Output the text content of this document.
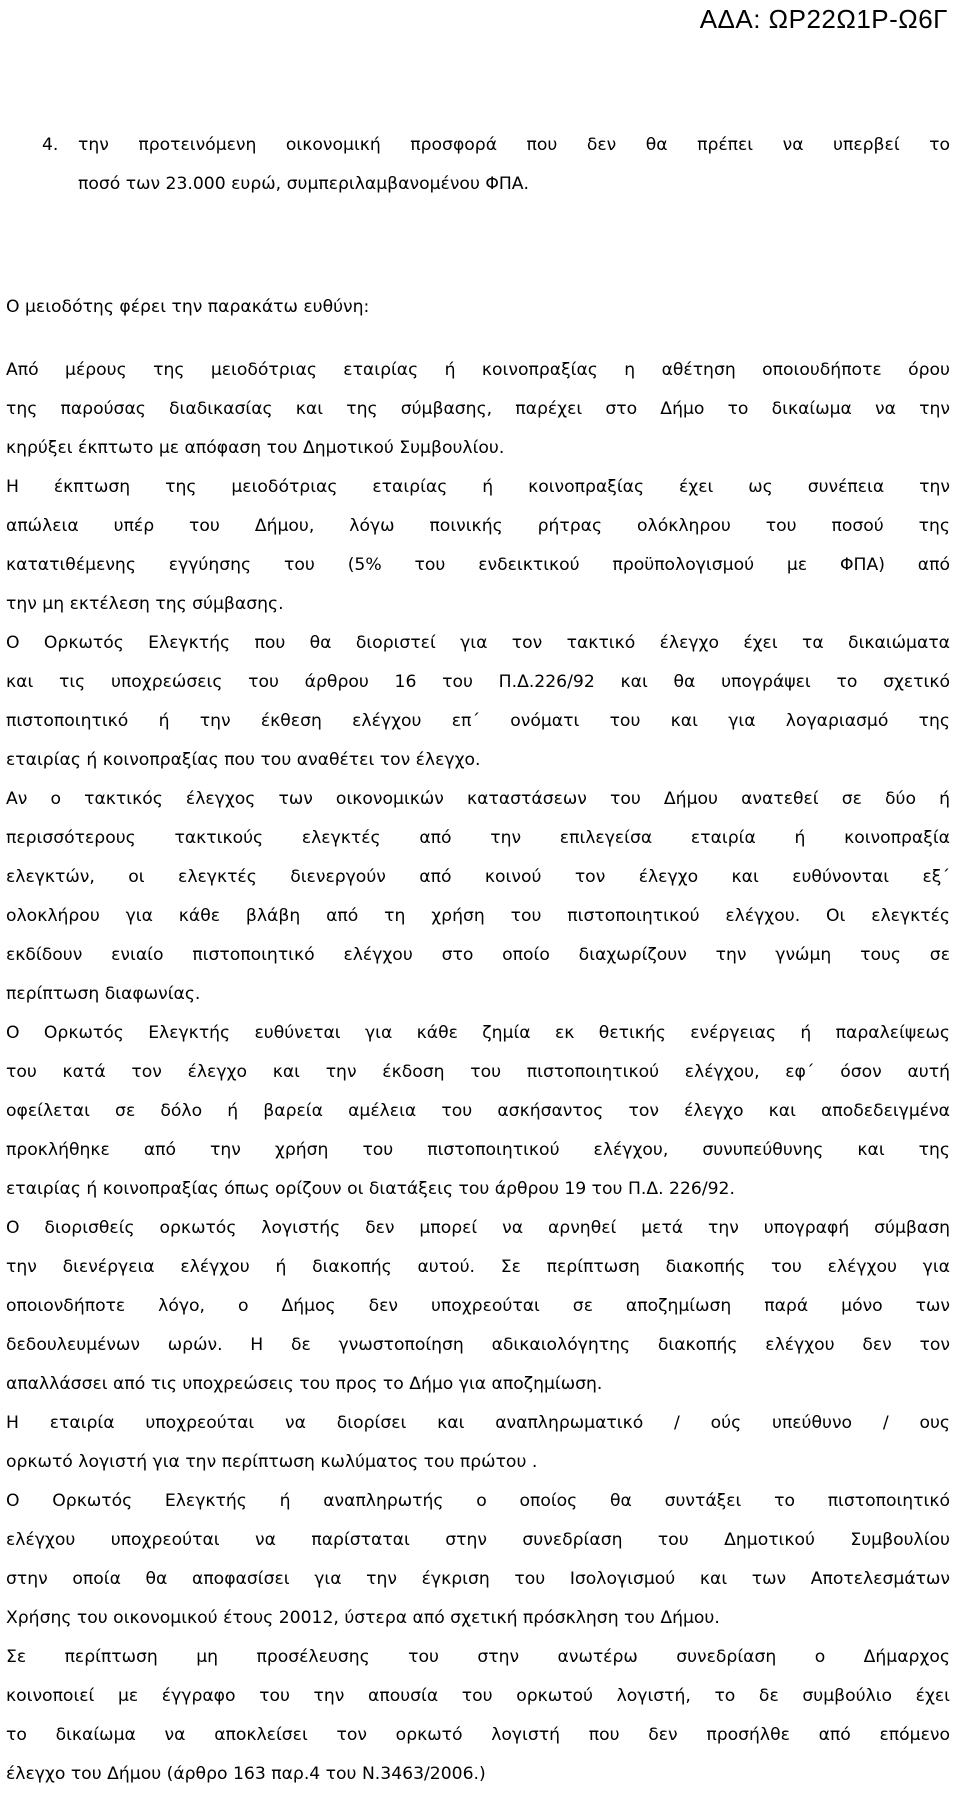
ΑΔΑ: ΩΡ22Ω1Ρ-Ω6Γ
4. την προτεινόμενη οικονομική προσφορά που δεν θα πρέπει να υπερβεί το
ποσό των 23.000 ευρώ, συμπεριλαμβανομένου ΦΠΑ.
Ο μειοδότης φέρει την παρακάτω ευθύνη:
Από μέρους της μειοδότριας εταιρίας ή κοινοπραξίας η αθέτηση οποιουδήποτε όρου
της παρούσας διαδικασίας και της σύμβασης, παρέχει στο Δήμο το δικαίωμα να την
κηρύξει έκπτωτο με απόφαση του Δημοτικού Συμβουλίου.
Η έκπτωση της μειοδότριας εταιρίας ή κοινοπραξίας έχει ως συνέπεια την
απώλεια υπέρ του Δήμου, λόγω ποινικής ρήτρας ολόκληρου του ποσού της
κατατιθέμενης εγγύησης του (5% του ενδεικτικού προϋπολογισμού με ΦΠΑ) από
την μη εκτέλεση της σύμβασης.
Ο Ορκωτός Ελεγκτής που θα διοριστεί για τον τακτικό έλεγχο έχει τα δικαιώματα
και τις υποχρεώσεις του άρθρου 16 του Π.Δ.226/92 και θα υπογράψει το σχετικό
πιστοποιητικό ή την έκθεση ελέγχου επ΄ ονόματι του και για λογαριασμό της
εταιρίας ή κοινοπραξίας που του αναθέτει τον έλεγχο.
Αν ο τακτικός έλεγχος των οικονομικών καταστάσεων του Δήμου ανατεθεί σε δύο ή
περισσότερους τακτικούς ελεγκτές από την επιλεγείσα εταιρία ή κοινοπραξία
ελεγκτών, οι ελεγκτές διενεργούν από κοινού τον έλεγχο και ευθύνονται εξ΄
ολοκλήρου για κάθε βλάβη από τη χρήση του πιστοποιητικού ελέγχου. Οι ελεγκτές
εκδίδουν ενιαίο πιστοποιητικό ελέγχου στο οποίο διαχωρίζουν την γνώμη τους σε
περίπτωση διαφωνίας.
Ο Ορκωτός Ελεγκτής ευθύνεται για κάθε ζημία εκ θετικής ενέργειας ή παραλείψεως
του κατά τον έλεγχο και την έκδοση του πιστοποιητικού ελέγχου, εφ΄ όσον αυτή
οφείλεται σε δόλο ή βαρεία αμέλεια του ασκήσαντος τον έλεγχο και αποδεδειγμένα
προκλήθηκε από την χρήση του πιστοποιητικού ελέγχου, συνυπεύθυνης και της
εταιρίας ή κοινοπραξίας όπως ορίζουν οι διατάξεις του άρθρου 19 του Π.Δ. 226/92.
Ο διορισθείς ορκωτός λογιστής δεν μπορεί να αρνηθεί μετά την υπογραφή σύμβαση
την διενέργεια ελέγχου ή διακοπής αυτού. Σε περίπτωση διακοπής του ελέγχου για
οποιονδήποτε λόγο, ο Δήμος δεν υποχρεούται σε αποζημίωση παρά μόνο των
δεδουλευμένων ωρών. Η δε γνωστοποίηση αδικαιολόγητης διακοπής ελέγχου δεν τον
απαλλάσσει από τις υποχρεώσεις του προς το Δήμο για αποζημίωση.
Η εταιρία υποχρεούται να διορίσει και αναπληρωματικό / ούς υπεύθυνο / ους
ορκωτό λογιστή για την περίπτωση κωλύματος του πρώτου .
Ο Ορκωτός Ελεγκτής ή αναπληρωτής ο οποίος θα συντάξει το πιστοποιητικό
ελέγχου υποχρεούται να παρίσταται στην συνεδρίαση του Δημοτικού Συμβουλίου
στην οποία θα αποφασίσει για την έγκριση του Ισολογισμού και των Αποτελεσμάτων
Χρήσης του οικονομικού έτους 20012, ύστερα από σχετική πρόσκληση του Δήμου.
Σε περίπτωση μη προσέλευσης του στην ανωτέρω συνεδρίαση ο Δήμαρχος
κοινοποιεί με έγγραφο του την απουσία του ορκωτού λογιστή, το δε συμβούλιο έχει
το δικαίωμα να αποκλείσει τον ορκωτό λογιστή που δεν προσήλθε από επόμενο
έλεγχο του Δήμου (άρθρο 163 παρ.4 του Ν.3463/2006.)
